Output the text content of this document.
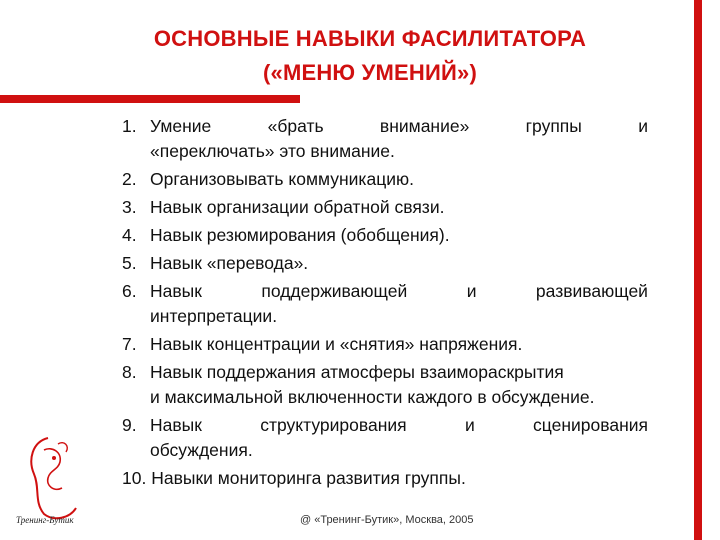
ОСНОВНЫЕ НАВЫКИ ФАСИЛИТАТОРА
(«МЕНЮ УМЕНИЙ»)
1. Умение	«брать	внимание»	группы	и
«переключать» это внимание.
2. Организовывать коммуникацию.
3. Навык организации обратной связи.
4. Навык резюмирования (обобщения).
5. Навык «перевода».
6. Навык	поддерживающей	и	развивающей
интерпретации.
7. Навык концентрации и «снятия» напряжения.
8. Навык поддержания атмосферы взаимораскрытия
и максимальной включенности каждого в обсуждение.
9. Навык	структурирования	и	сценирования
обсуждения.
10. Навыки мониторинга развития группы.
Тренинг-Бутик	@ «Тренинг-Бутик», Москва, 2005
